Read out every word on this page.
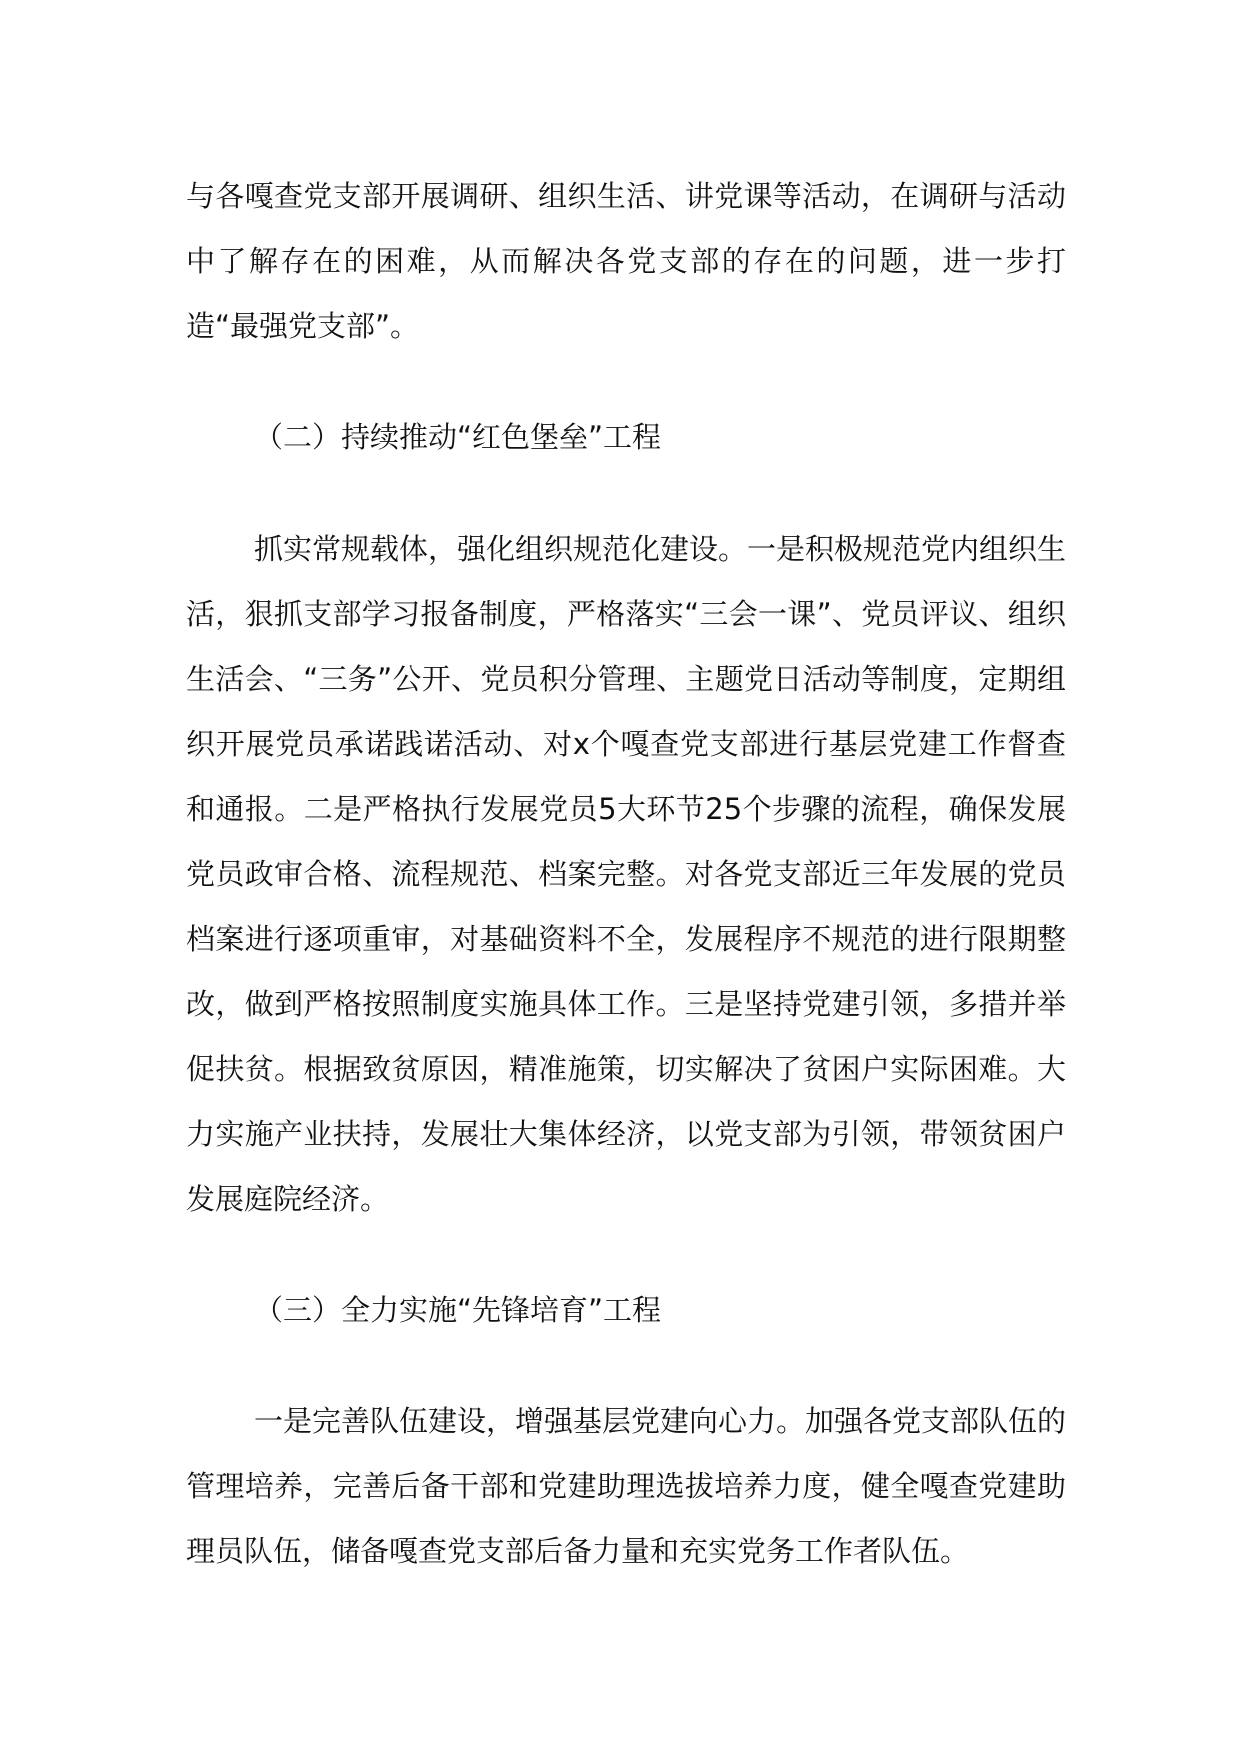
与各嘎查党支部开展调研、组织生活、讲党课等活动，在调研与活动中了解存在的困难，从而解决各党支部的存在的问题，进一步打造“最强党支部”。
（二）持续推动“红色堡垒”工程
抓实常规载体，强化组织规范化建设。一是积极规范党内组织生活，狠抓支部学习报备制度，严格落实“三会一课”、党员评议、组织生活会、“三务”公开、党员积分管理、主题党日活动等制度，定期组织开展党员承诺践诺活动、对x个嘎查党支部进行基层党建工作督查和通报。二是严格执行发展党员5大环节25个步骤的流程，确保发展党员政审合格、流程规范、档案完整。对各党支部近三年发展的党员档案进行逐项重审，对基础资料不全，发展程序不规范的进行限期整改，做到严格按照制度实施具体工作。三是坚持党建引领，多措并举促扶贫。根据致贫原因，精准施策，切实解决了贫困户实际困难。大力实施产业扶持，发展壮大集体经济，以党支部为引领，带领贫困户发展庭院经济。
（三）全力实施“先锋培育”工程
一是完善队伍建设，增强基层党建向心力。加强各党支部队伍的管理培养，完善后备干部和党建助理选拔培养力度，健全嘎查党建助理员队伍，储备嘎查党支部后备力量和充实党务工作者队伍。
